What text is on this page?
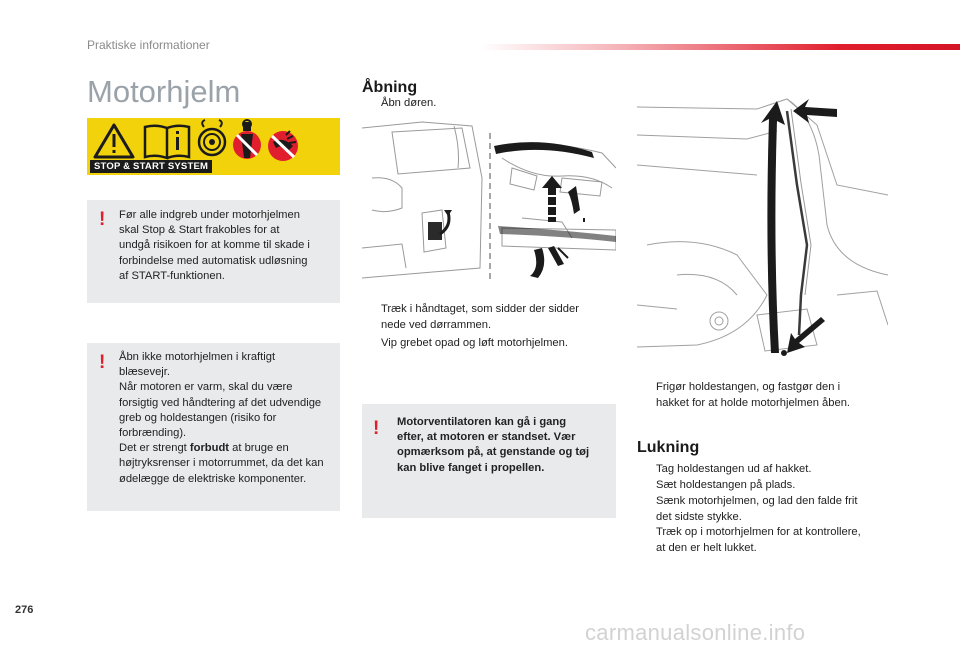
Praktiske informationer
Motorhjelm
STOP & START SYSTEM
! Før alle indgreb under motorhjelmen
skal Stop & Start frakobles for at
undgå risikoen for at komme til skade i
forbindelse med automatisk udløsning
af START-funktionen.
! Åbn ikke motorhjelmen i kraftigt
blæsevejr.
Når motoren er varm, skal du være
forsigtig ved håndtering af det udvendige
greb og holdestangen (risiko for
forbrænding).
Det er strengt forbudt at bruge en
højtryksrenser i motorrummet, da det kan
ødelægge de elektriske komponenter.
Åbning
Åbn døren.
Træk i håndtaget, som sidder der sidder
nede ved dørrammen.
Vip grebet opad og løft motorhjelmen.
! Motorventilatoren kan gå i gang
efter, at motoren er standset. Vær
opmærksom på, at genstande og tøj
kan blive fanget i propellen.
Frigør holdestangen, og fastgør den i
hakket for at holde motorhjelmen åben.
Lukning
Tag holdestangen ud af hakket.
Sæt holdestangen på plads.
Sænk motorhjelmen, og lad den falde frit
det sidste stykke.
Træk op i motorhjelmen for at kontrollere,
at den er helt lukket.
276
carmanualsonline.info
